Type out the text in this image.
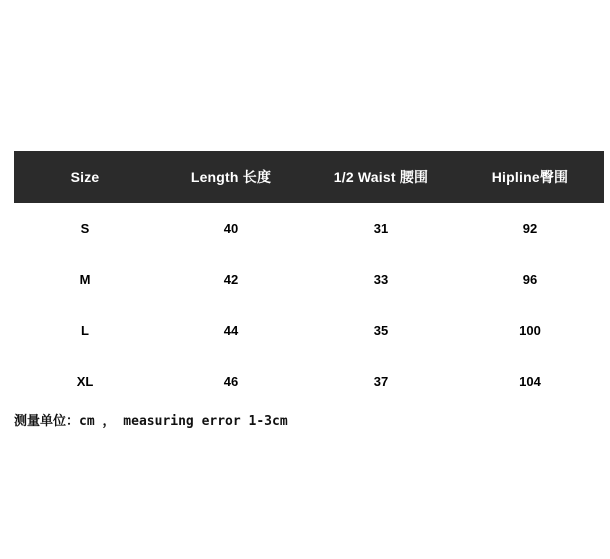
Size	Length 长度	1/2 Waist 腰围	Hipline臀围
S	40	31	92
M	42	33	96
L	44	35	100
XL	46	37	104
测量单位：cm ， measuring error 1-3cm
